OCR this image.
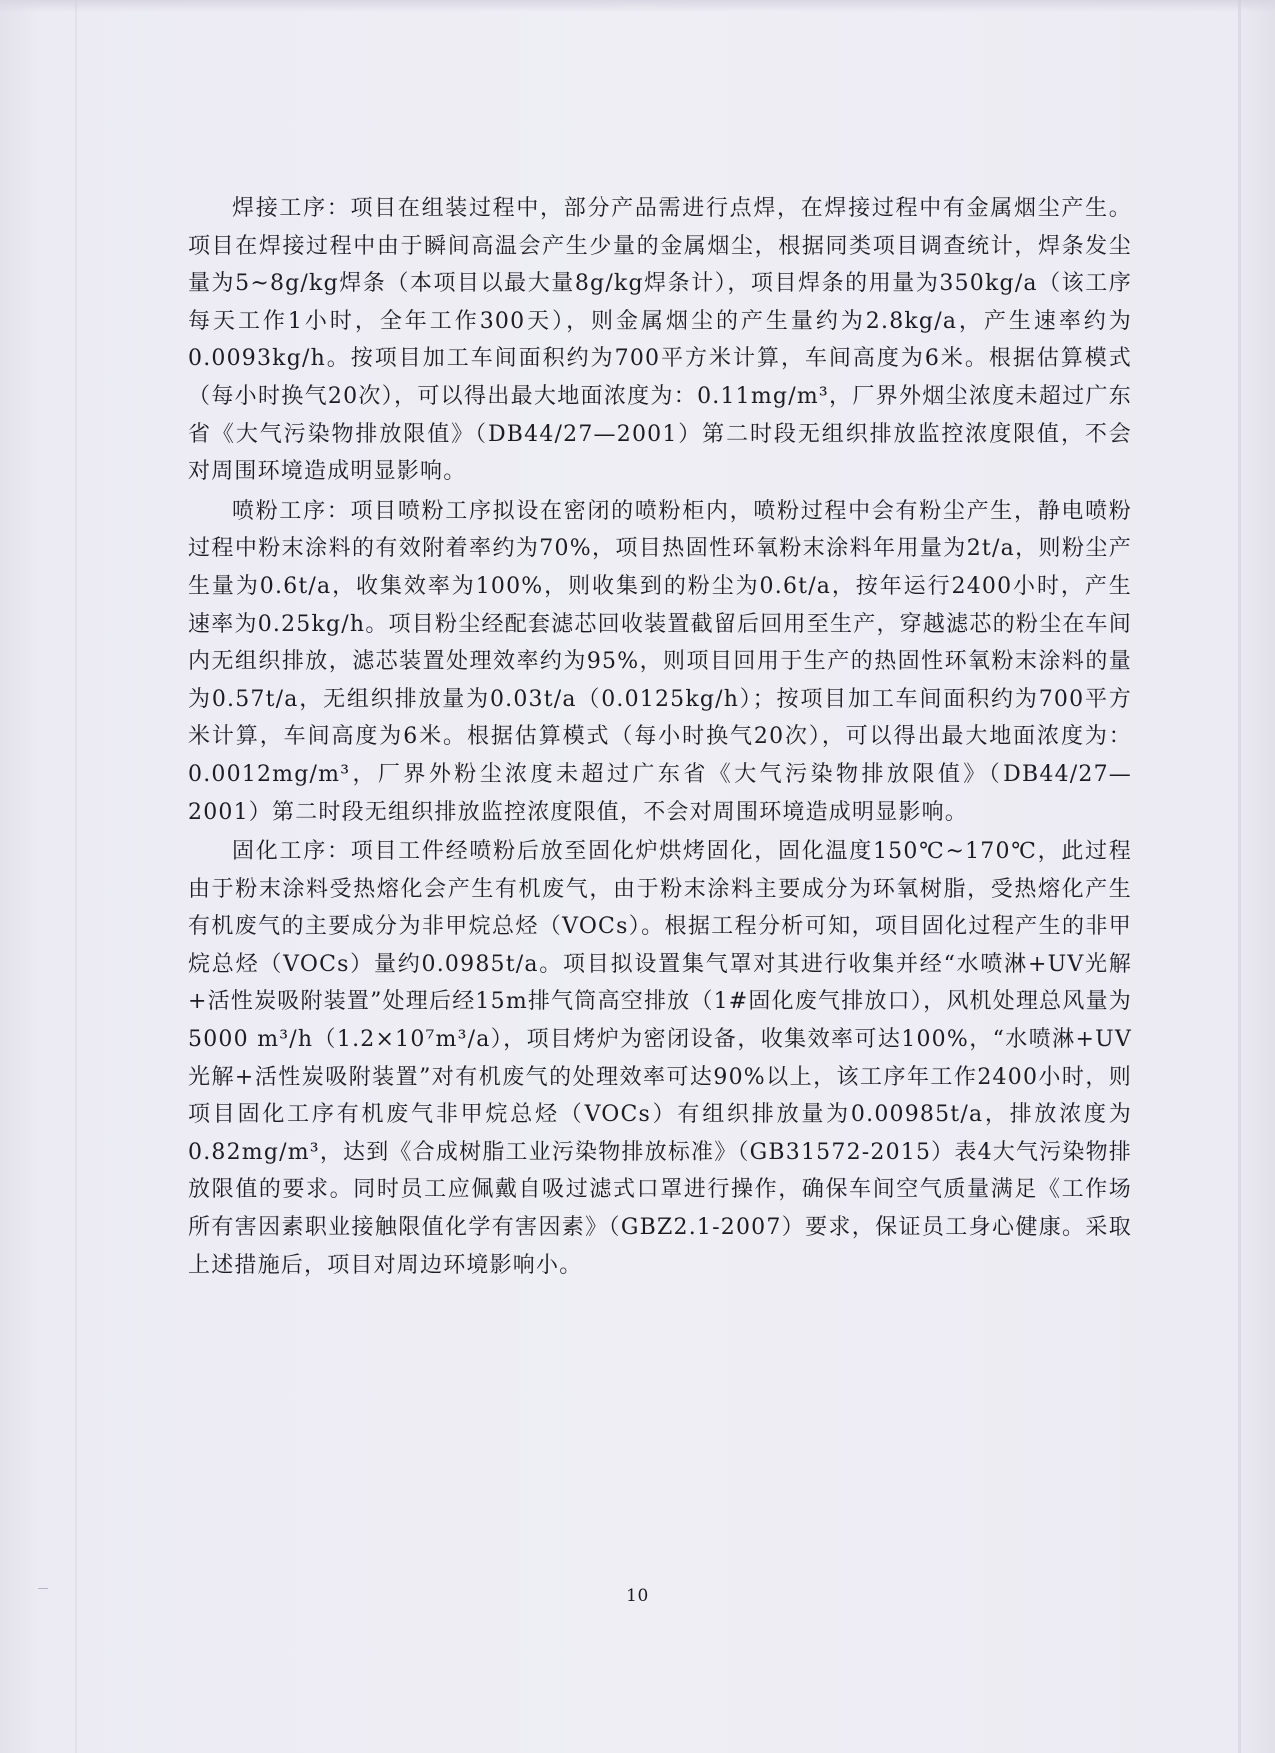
焊接工序：项目在组装过程中，部分产品需进行点焊，在焊接过程中有金属烟尘产生。项目在焊接过程中由于瞬间高温会产生少量的金属烟尘，根据同类项目调查统计，焊条发尘量为5~8g/kg焊条（本项目以最大量8g/kg焊条计），项目焊条的用量为350kg/a（该工序每天工作1小时，全年工作300天），则金属烟尘的产生量约为2.8kg/a，产生速率约为0.0093kg/h。按项目加工车间面积约为700平方米计算，车间高度为6米。根据估算模式（每小时换气20次），可以得出最大地面浓度为：0.11mg/m³，厂界外烟尘浓度未超过广东省《大气污染物排放限值》（DB44/27—2001）第二时段无组织排放监控浓度限值，不会对周围环境造成明显影响。

喷粉工序：项目喷粉工序拟设在密闭的喷粉柜内，喷粉过程中会有粉尘产生，静电喷粉过程中粉末涂料的有效附着率约为70%，项目热固性环氧粉末涂料年用量为2t/a，则粉尘产生量为0.6t/a，收集效率为100%，则收集到的粉尘为0.6t/a，按年运行2400小时，产生速率为0.25kg/h。项目粉尘经配套滤芯回收装置截留后回用至生产，穿越滤芯的粉尘在车间内无组织排放，滤芯装置处理效率约为95%，则项目回用于生产的热固性环氧粉末涂料的量为0.57t/a，无组织排放量为0.03t/a（0.0125kg/h）；按项目加工车间面积约为700平方米计算，车间高度为6米。根据估算模式（每小时换气20次），可以得出最大地面浓度为：0.0012mg/m³，厂界外粉尘浓度未超过广东省《大气污染物排放限值》（DB44/27—2001）第二时段无组织排放监控浓度限值，不会对周围环境造成明显影响。

固化工序：项目工件经喷粉后放至固化炉烘烤固化，固化温度150℃~170℃，此过程由于粉末涂料受热熔化会产生有机废气，由于粉末涂料主要成分为环氧树脂，受热熔化产生有机废气的主要成分为非甲烷总烃（VOCs）。根据工程分析可知，项目固化过程产生的非甲烷总烃（VOCs）量约0.0985t/a。项目拟设置集气罩对其进行收集并经“水喷淋+UV光解+活性炭吸附装置”处理后经15m排气筒高空排放（1#固化废气排放口），风机处理总风量为5000 m³/h（1.2×10⁷m³/a），项目烤炉为密闭设备，收集效率可达100%，“水喷淋+UV光解+活性炭吸附装置”对有机废气的处理效率可达90%以上，该工序年工作2400小时，则项目固化工序有机废气非甲烷总烃（VOCs）有组织排放量为0.00985t/a，排放浓度为0.82mg/m³，达到《合成树脂工业污染物排放标准》（GB31572-2015）表4大气污染物排放限值的要求。同时员工应佩戴自吸过滤式口罩进行操作，确保车间空气质量满足《工作场所有害因素职业接触限值化学有害因素》（GBZ2.1-2007）要求，保证员工身心健康。采取上述措施后，项目对周边环境影响小。

10
